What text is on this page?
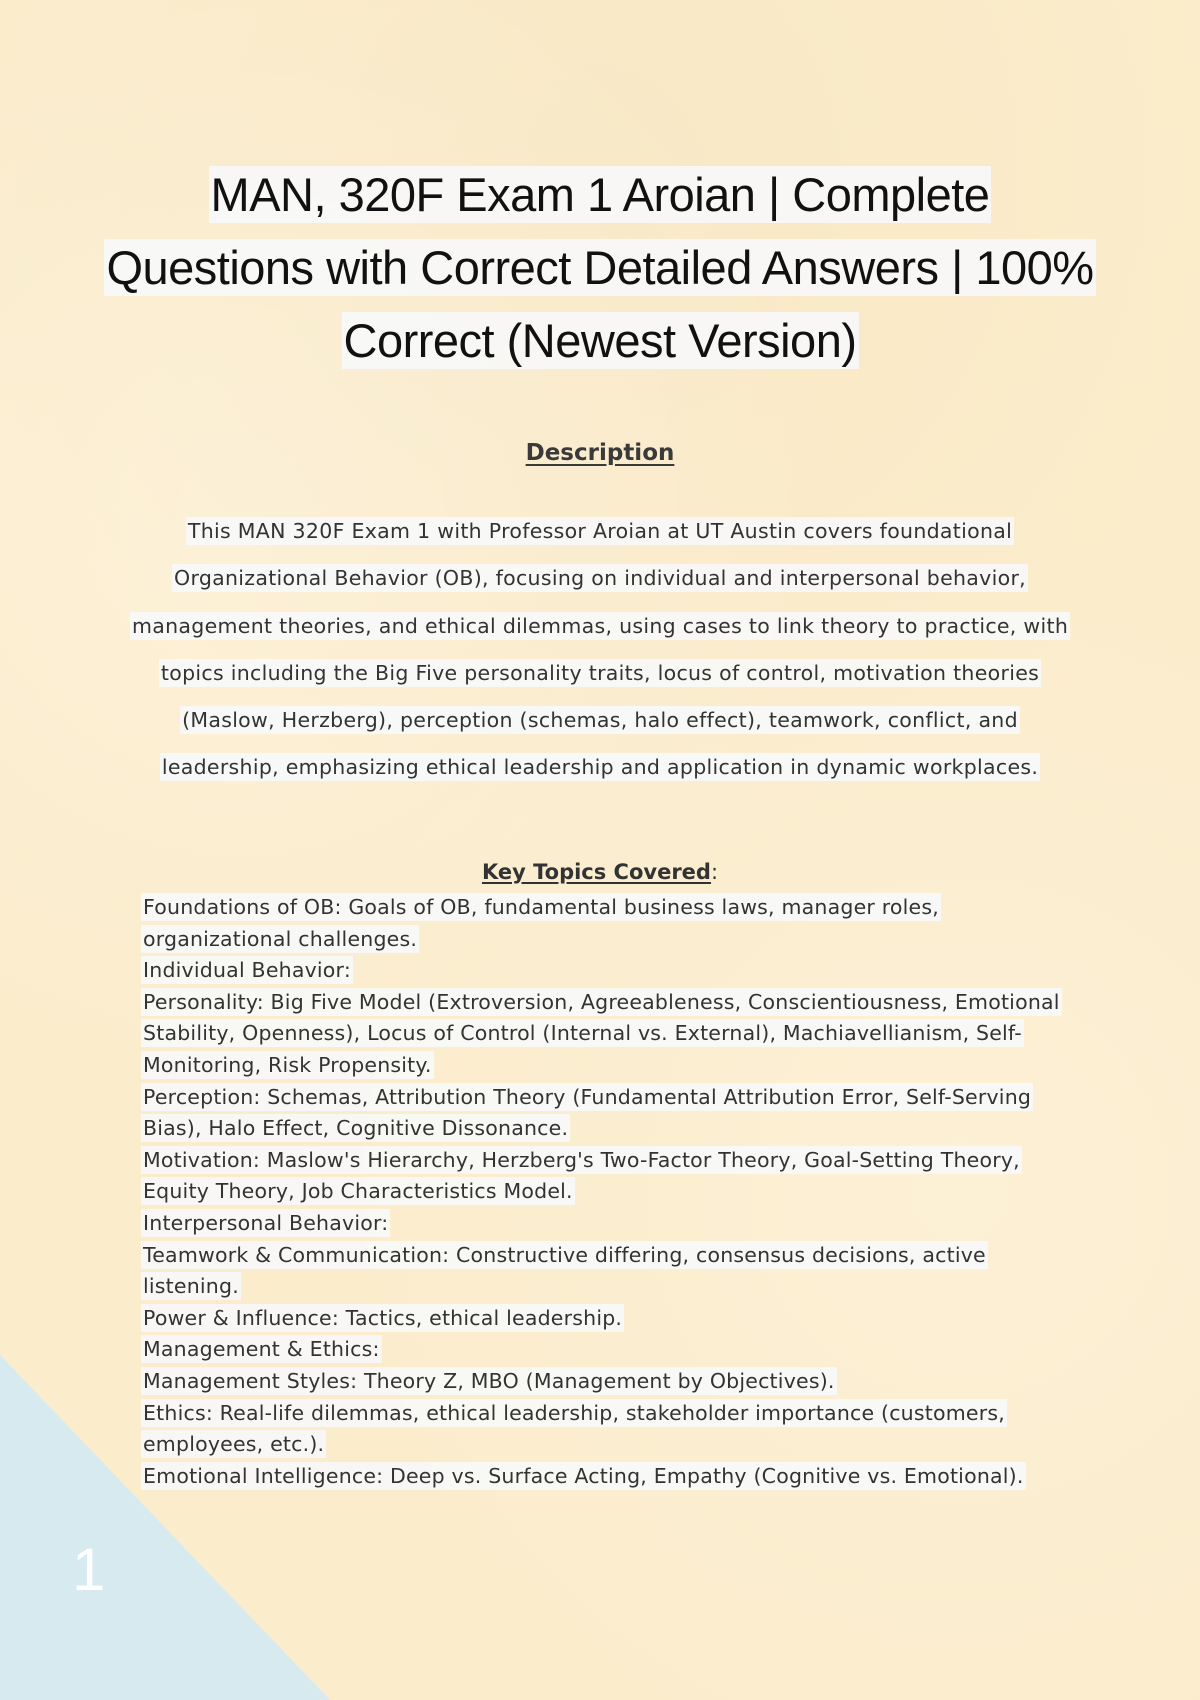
MAN, 320F Exam 1 Aroian | Complete Questions with Correct Detailed Answers | 100% Correct (Newest Version)
Description
This MAN 320F Exam 1 with Professor Aroian at UT Austin covers foundational Organizational Behavior (OB), focusing on individual and interpersonal behavior, management theories, and ethical dilemmas, using cases to link theory to practice, with topics including the Big Five personality traits, locus of control, motivation theories (Maslow, Herzberg), perception (schemas, halo effect), teamwork, conflict, and leadership, emphasizing ethical leadership and application in dynamic workplaces.
Key Topics Covered:
Foundations of OB: Goals of OB, fundamental business laws, manager roles, organizational challenges.
Individual Behavior:
Personality: Big Five Model (Extroversion, Agreeableness, Conscientiousness, Emotional Stability, Openness), Locus of Control (Internal vs. External), Machiavellianism, Self-Monitoring, Risk Propensity.
Perception: Schemas, Attribution Theory (Fundamental Attribution Error, Self-Serving Bias), Halo Effect, Cognitive Dissonance.
Motivation: Maslow's Hierarchy, Herzberg's Two-Factor Theory, Goal-Setting Theory, Equity Theory, Job Characteristics Model.
Interpersonal Behavior:
Teamwork & Communication: Constructive differing, consensus decisions, active listening.
Power & Influence: Tactics, ethical leadership.
Management & Ethics:
Management Styles: Theory Z, MBO (Management by Objectives).
Ethics: Real-life dilemmas, ethical leadership, stakeholder importance (customers, employees, etc.).
Emotional Intelligence: Deep vs. Surface Acting, Empathy (Cognitive vs. Emotional).
1
